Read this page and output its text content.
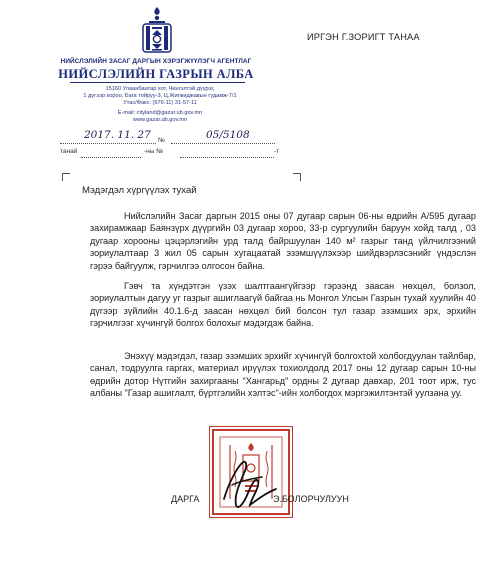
НИЙСЛЭЛИЙН ЗАСАГ ДАРГЫН ХЭРЭГЖҮҮЛЭГЧ АГЕНТЛАГ
НИЙСЛЭЛИЙН ГАЗРЫН АЛБА
15160 Улаанбаатар хот, Чингэлтэй дүүрэг,
1 дүгээр хороо, Бага тойруу-3, Ц.Жигжиджавын гудамж-7/1
Утас/Факс: (976-11) 31-57-11
E-mail: cityland@gazar.ub.gov.mn
www.gazar.ub.gov.mn
ИРГЭН Г.ЗОРИГТ ТАНАА
2017. 11. 27	05/5108
№
танай	-ны №	-т
Мэдэгдэл хүргүүлэх тухай

Нийслэлийн Засаг даргын 2015 оны 07 дугаар сарын 06-ны өдрийн А/595 дугаар захирамжаар Баянзүрх дүүргийн 03 дугаар хороо, 33-р сургуулийн баруун хойд талд , 03 дугаар хорооны цэцэрлэгийн урд талд байршуулан 140 м² газрыг танд үйлчилгээний зориулалтаар 3 жил 05 сарын хугацаатай эзэмшүүлэхээр шийдвэрлэсэнийг үндэслэн гэрээ байгуулж, гэрчилгээ олгосон байна.

Гэвч та хүндэтгэн үзэх шалтгаангүйгээр гэрээнд заасан нөхцөл, болзол, зориулалтын дагуу уг газрыг ашиглаагүй байгаа нь Монгол Улсын Газрын тухай хуулийн 40 дүгээр зүйлийн 40.1.6-д заасан нөхцөл бий болсон тул газар эзэмших эрх, эрхийн гэрчилгээг хүчингүй болгох болохыг мэдэгдэж байна.

Энэхүү мэдэгдэл, газар эзэмших эрхийг хүчингүй болгохтой холбогдуулан тайлбар, санал, тодруулга гаргах, материал ирүүлэх тохиолдолд 2017 оны 12 дугаар сарын 10-ны өдрийн дотор Нүтгийн захиргааны "Хангарьд" ордны 2 дугаар давхар, 201 тоот ирж, тус албаны "Газар ашиглалт, бүртгэлийн хэлтэс"-ийн холбогдох мэргэжилтэнтэй уулзана уу.

ДАРГА	Э.БОЛОРЧУЛУУН
